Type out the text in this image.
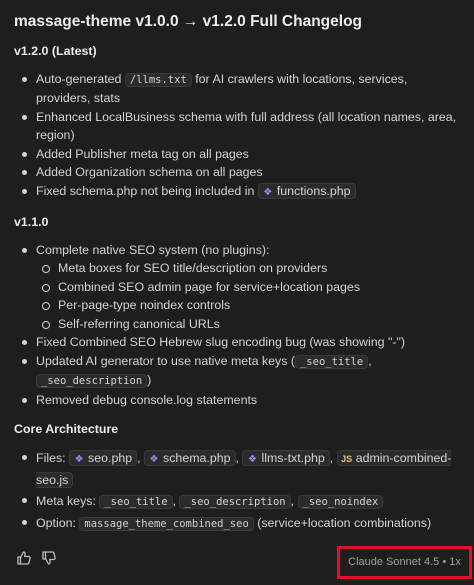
massage-theme v1.0.0 → v1.2.0 Full Changelog
v1.2.0 (Latest)
Auto-generated /llms.txt for AI crawlers with locations, services, providers, stats
Enhanced LocalBusiness schema with full address (all location names, area, region)
Added Publisher meta tag on all pages
Added Organization schema on all pages
Fixed schema.php not being included in ❖ functions.php
v1.1.0
Complete native SEO system (no plugins):
Meta boxes for SEO title/description on providers
Combined SEO admin page for service+location pages
Per-page-type noindex controls
Self-referring canonical URLs
Fixed Combined SEO Hebrew slug encoding bug (was showing "-")
Updated AI generator to use native meta keys ( _seo_title ,
_seo_description )
Removed debug console.log statements
Core Architecture
Files: ❖ seo.php , ❖ schema.php , ❖ llms-txt.php , JS admin-combined-seo.js
Meta keys: _seo_title , _seo_description , _seo_noindex
Option: massage_theme_combined_seo (service+location combinations)
Claude Sonnet 4.5 • 1x
